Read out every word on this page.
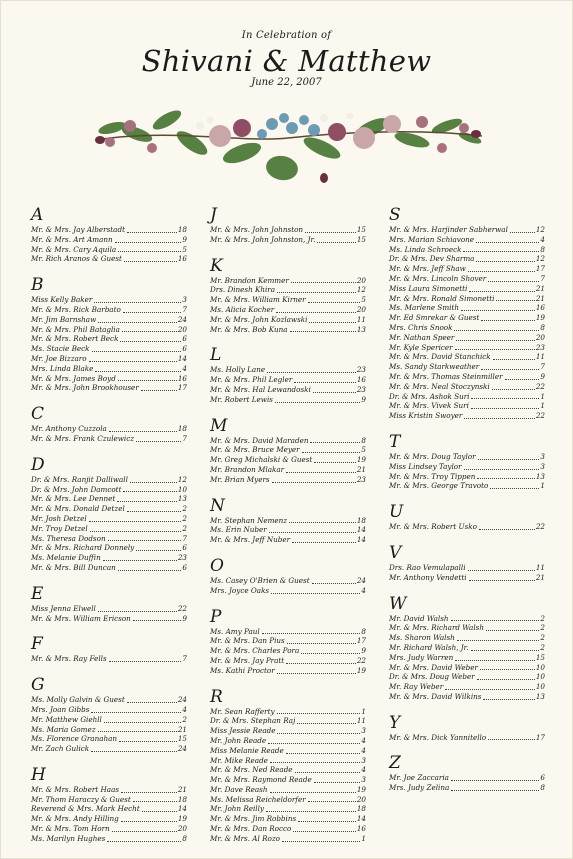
In Celebration of
Shivani & Matthew
June 22, 2007
A
Mr. & Mrs. Jay Alberstadt	18
Mr. & Mrs. Art Amann	9
Mr. & Mrs. Cary Aquila	5
Mr. Rich Aranos & Guest	16
B
Miss Kelly Baker	3
Mr. & Mrs. Rick Barbato	7
Mr. Jim Barnshaw	24
Mr. & Mrs. Phil Bataglia	20
Mr. & Mrs. Robert Beck	6
Ms. Stacie Beck	6
Mr. Joe Bizzaro	14
Mrs. Linda Blake	4
Mr. & Mrs. James Boyd	16
Mr. & Mrs. John Brookhouser	17
C
Mr. Anthony Cuzzola	18
Mr. & Mrs. Frank Czulewicz	7
D
Dr. & Mrs. Ranjit Dalliwall	12
Dr. & Mrs. John Damcott	10
Mr. & Mrs. Lee Dennet	13
Mr. & Mrs. Donald Detzel	2
Mr. Josh Detzel	2
Mr. Troy Detzel	2
Ms. Theresa Dodson	7
Mr. & Mrs. Richard Donnely	6
Ms. Melanie Duffin	23
Mr. & Mrs. Bill Duncan	6
E
Miss Jenna Elwell	22
Mr. & Mrs. William Ericson	9
F
Mr. & Mrs. Ray Fells	7
G
Ms. Molly Galvin & Guest	24
Mrs. Joan Gibbs	4
Mr. Matthew Giehll	2
Ms. Maria Gomez	21
Ms. Florence Granahan	15
Mr. Zach Gulick	24
H
Mr. & Mrs. Robert Haas	21
Mr. Thom Haraczy & Guest	18
Reverend & Mrs. Mark Hecht	14
Mr. & Mrs. Andy Hilling	19
Mr. & Mrs. Tom Horn	20
Ms. Marilyn Hughes	8
J
Mr. & Mrs. John Johnston	15
Mr. & Mrs. John Johnston, Jr.	15
K
Mr. Brandon Kemmer	20
Drs. Dinesh Khira	12
Mr. & Mrs. William Kirner	5
Ms. Alicia Kocher	20
Mr. & Mrs. John Kozlawski	11
Mr. & Mrs. Bob Kuna	13
L
Ms. Holly Lane	23
Mr. & Mrs. Phil Legler	16
Mr. & Mrs. Hal Lewandoski	23
Mr. Robert Lewis	9
M
Mr. & Mrs. David Maraden	8
Mr. & Mrs. Bruce Meyer	5
Mr. Greg Michalski & Guest	19
Mr. Brandon Mlakar	21
Mr. Brian Myers	23
N
Mr. Stephan Nemenz	18
Ms. Erin Nuber	14
Mr. & Mrs. Jeff Nuber	14
O
Ms. Casey O'Brien & Guest	24
Mrs. Joyce Oaks	4
P
Ms. Amy Paul	8
Mr. & Mrs. Dan Pius	17
Mr. & Mrs. Charles Pora	9
Mr. & Mrs. Jay Pratt	22
Ms. Kathi Proctor	19
R
Mr. Sean Rafferty	1
Dr. & Mrs. Stephan Raj	11
Miss Jessie Reade	3
Mr. John Reade	4
Miss Melanie Reade	4
Mr. Mike Reade	3
Mr. & Mrs. Ned Reade	4
Mr. & Mrs. Raymond Reade	3
Mr. Dave Reash	19
Ms. Melissa Reicheldorfer	20
Mr. John Reilly	18
Mr. & Mrs. Jim Robbins	14
Mr. & Mrs. Dan Rocco	16
Mr. & Mrs. Al Rozo	1
S
Mr. & Mrs. Harjinder Sabherwal	12
Mrs. Marian Schiavone	4
Ms. Linda Schroeck	8
Dr. & Mrs. Dev Sharma	12
Mr. & Mrs. Jeff Shaw	17
Mr. & Mrs. Lincoln Shover	7
Miss Laura Simonetti	21
Mr. & Mrs. Ronald Simonetti	21
Ms. Marlene Smith	16
Mr. Ed Smrekar & Guest	19
Mrs. Chris Snook	8
Mr. Nathan Speer	20
Mr. Kyle Spericer	23
Mr. & Mrs. David Stanchick	11
Ms. Sandy Starkweather	7
Mr. & Mrs. Thomas Steinmiller	9
Mr. & Mrs. Neal Stoczynski	22
Dr. & Mrs. Ashok Suri	1
Mr. & Mrs. Vivek Suri	1
Miss Kristin Swoyer	22
T
Mr. & Mrs. Doug Taylor	3
Miss Lindsey Taylor	3
Mr. & Mrs. Troy Tippen	13
Mr. & Mrs. George Travoto	1
U
Mr. & Mrs. Robert Usko	22
V
Drs. Rao Vemulapalli	11
Mr. Anthony Vendetti	21
W
Mr. David Walsh	2
Mr. & Mrs. Richard Walsh	2
Ms. Sharon Walsh	2
Mr. Richard Walsh, Jr.	2
Mrs. Judy Warren	15
Mr. & Mrs. David Weber	10
Dr. & Mrs. Doug Weber	10
Mr. Ray Weber	10
Mr. & Mrs. David Wilkins	13
Y
Mr. & Mrs. Dick Yannitello	17
Z
Mr. Joe Zaccaria	6
Mrs. Judy Zelina	8
